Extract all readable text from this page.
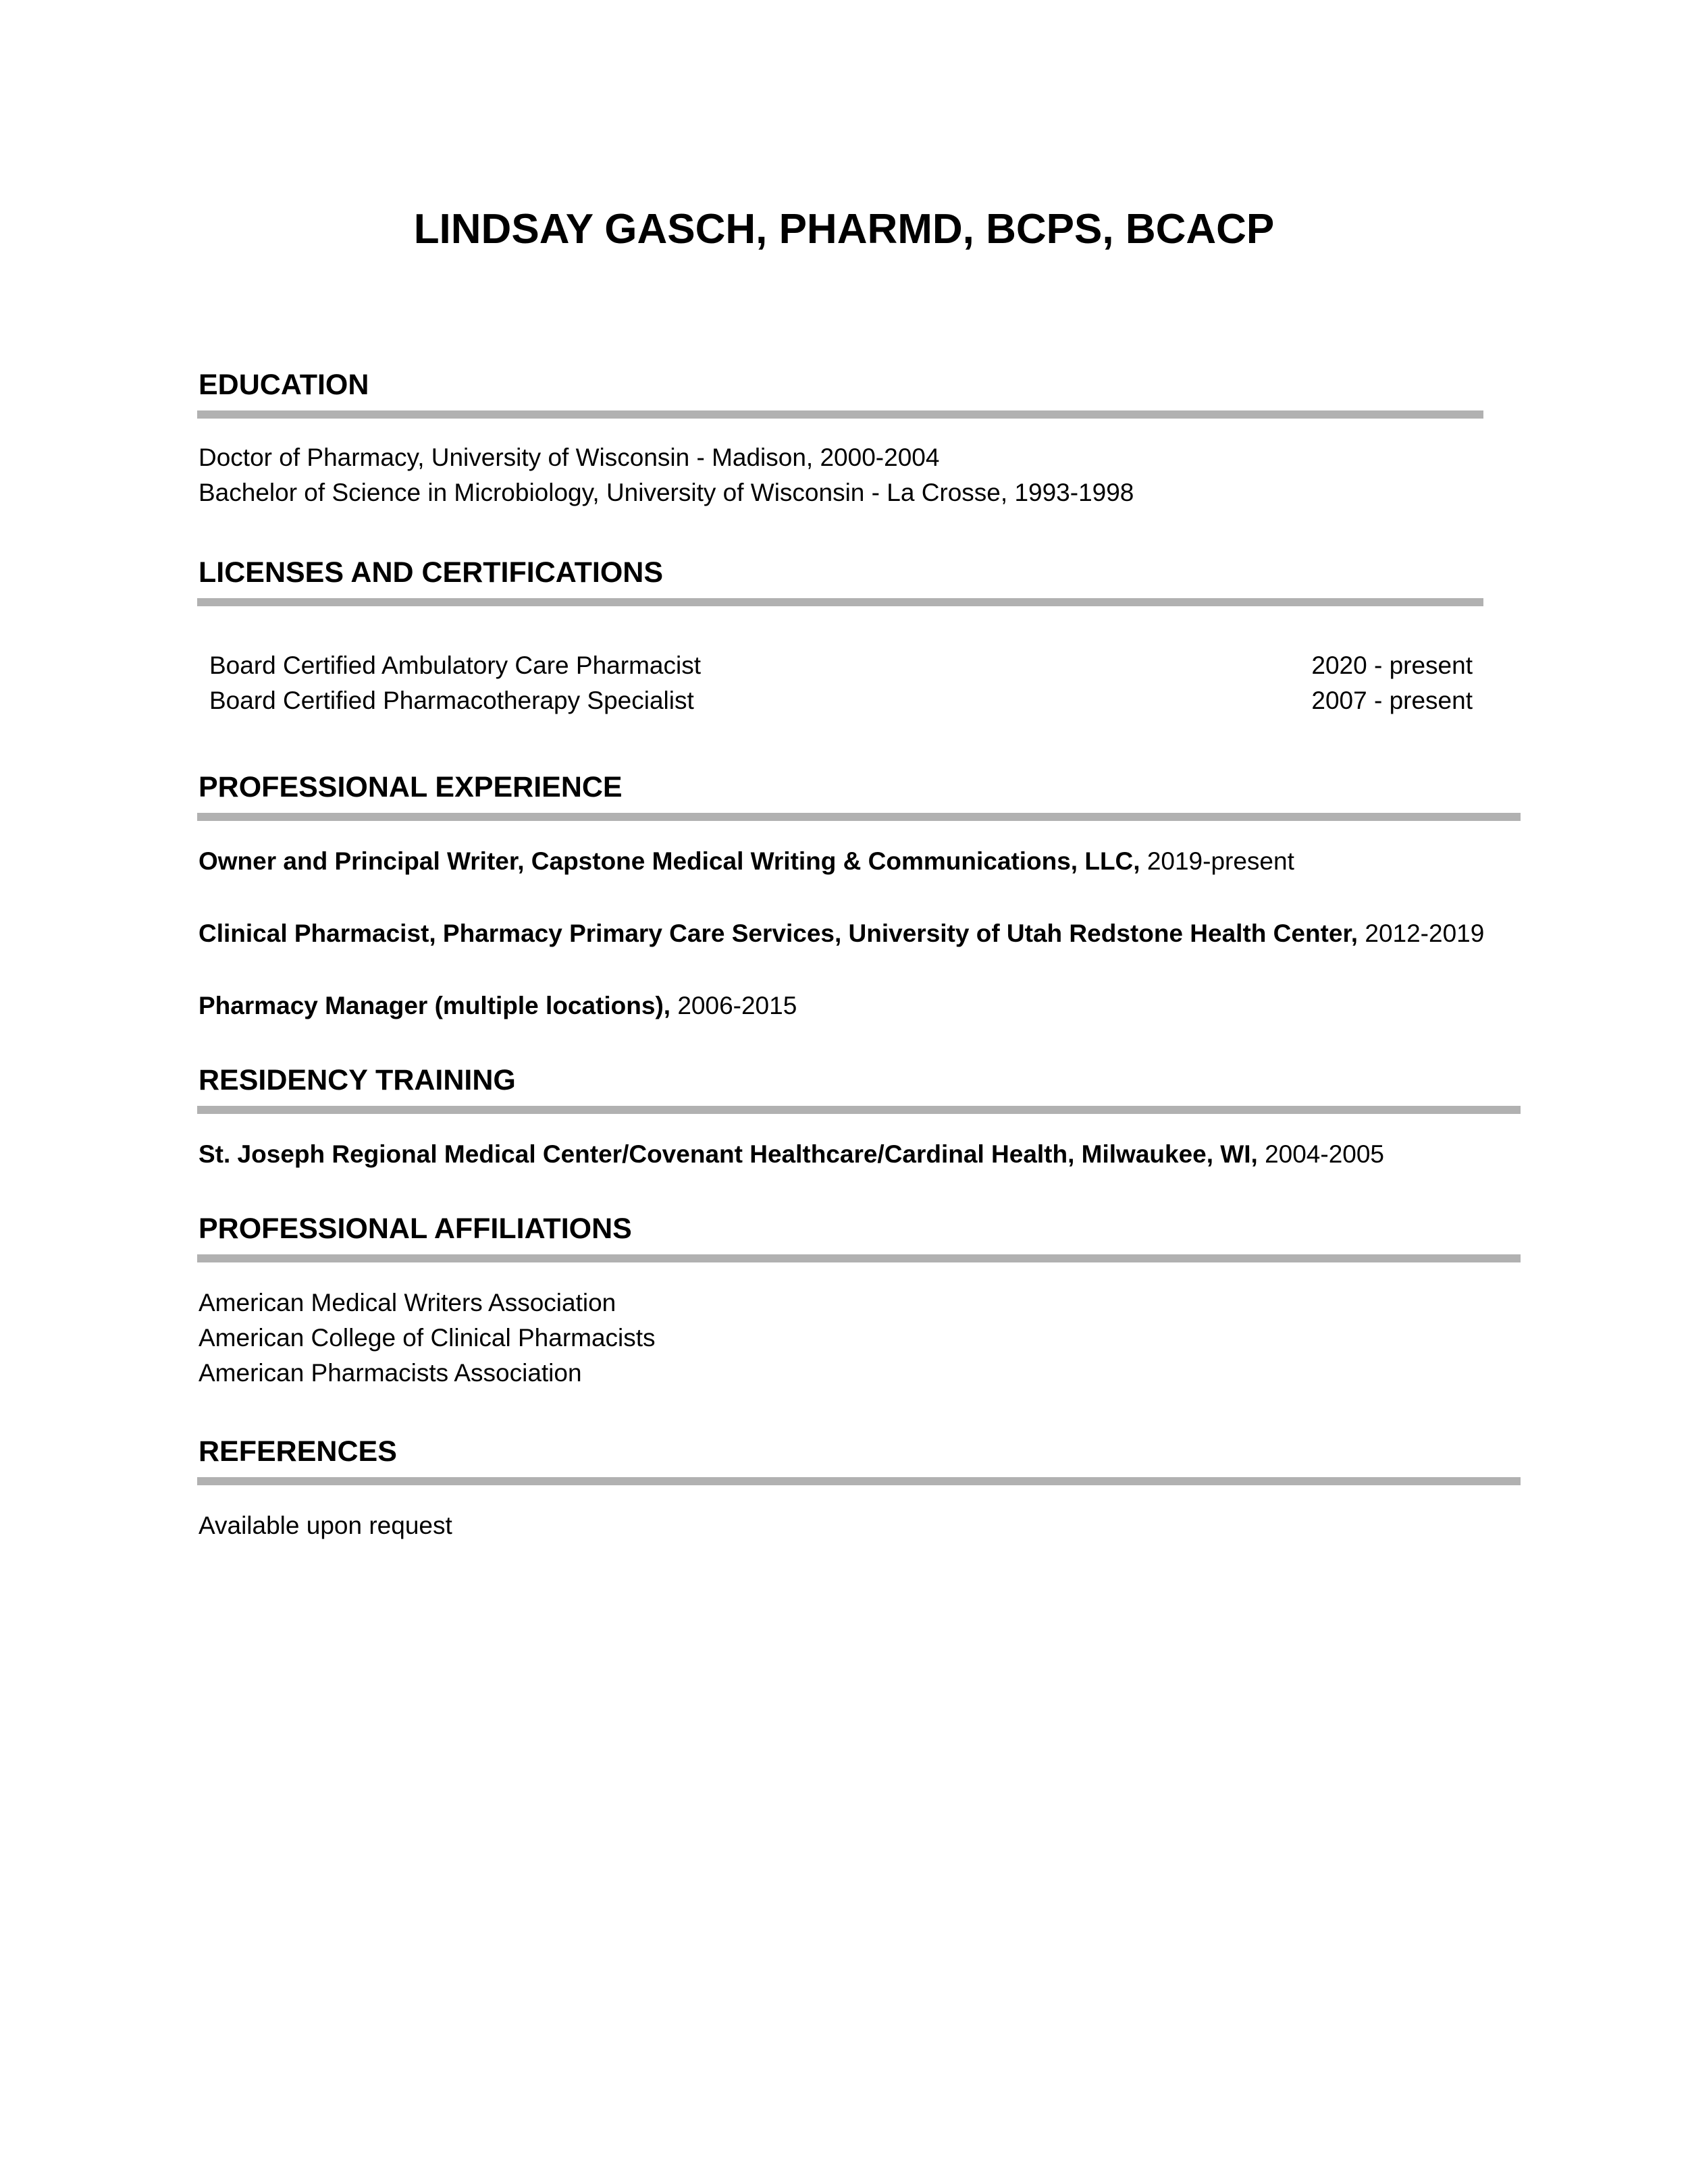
LINDSAY GASCH, PHARMD, BCPS, BCACP
EDUCATION

Doctor of Pharmacy, University of Wisconsin - Madison, 2000-2004

Bachelor of Science in Microbiology, University of Wisconsin - La Crosse, 1993-1998

LICENSES AND CERTIFICATIONS
Board Certified Ambulatory Care Pharmacist	2020 - present
Board Certified Pharmacotherapy Specialist	2007 - present
PROFESSIONAL EXPERIENCE

Owner and Principal Writer, Capstone Medical Writing & Communications, LLC, 2019-present

Clinical Pharmacist, Pharmacy Primary Care Services, University of Utah Redstone Health Center, 2012-2019

Pharmacy Manager (multiple locations), 2006-2015

RESIDENCY TRAINING

St. Joseph Regional Medical Center/Covenant Healthcare/Cardinal Health, Milwaukee, WI, 2004-2005

PROFESSIONAL AFFILIATIONS

American Medical Writers Association

American College of Clinical Pharmacists

American Pharmacists Association

REFERENCES

Available upon request
